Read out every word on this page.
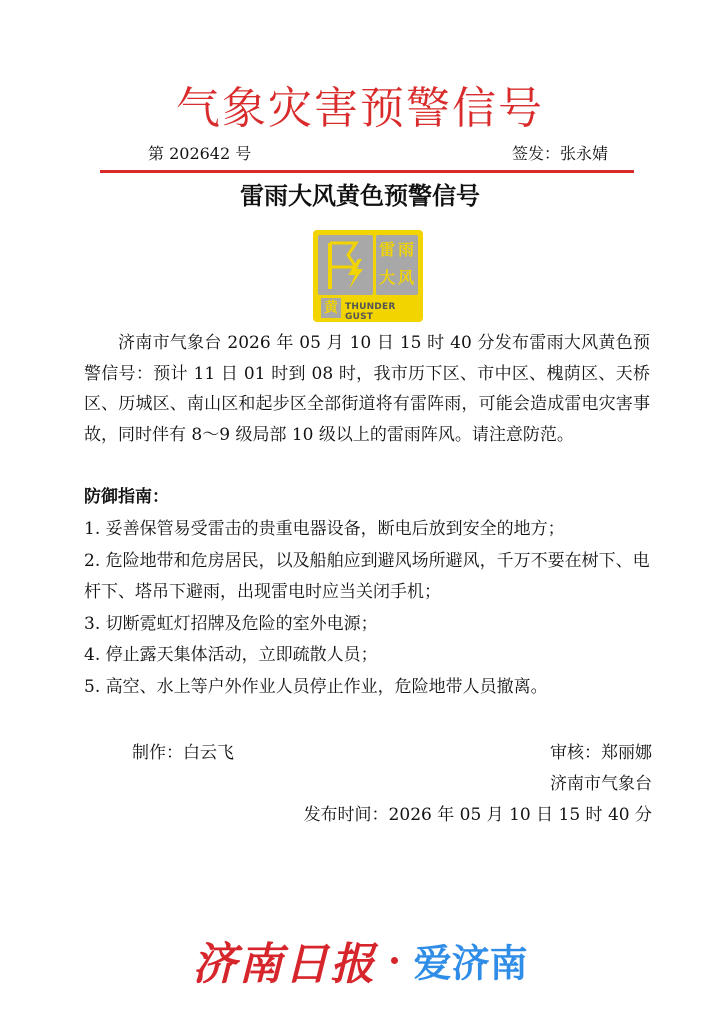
气象灾害预警信号
第 202642 号	签发：张永婧
雷雨大风黄色预警信号
雷 雨
大 风
黄 THUNDER GUST

济南市气象台 2026 年 05 月 10 日 15 时 40 分发布雷雨大风黄色预警信号：预计 11 日 01 时到 08 时，我市历下区、市中区、槐荫区、天桥区、历城区、南山区和起步区全部街道将有雷阵雨，可能会造成雷电灾害事故，同时伴有 8～9 级局部 10 级以上的雷雨阵风。请注意防范。

防御指南：

1. 妥善保管易受雷击的贵重电器设备，断电后放到安全的地方；
2. 危险地带和危房居民，以及船舶应到避风场所避风，千万不要在树下、电杆下、塔吊下避雨，出现雷电时应当关闭手机；
3. 切断霓虹灯招牌及危险的室外电源；
4. 停止露天集体活动，立即疏散人员；
5. 高空、水上等户外作业人员停止作业，危险地带人员撤离。
制作：白云飞	审核：郑丽娜
济南市气象台
发布时间：2026 年 05 月 10 日 15 时 40 分
济南日报 爱济南
